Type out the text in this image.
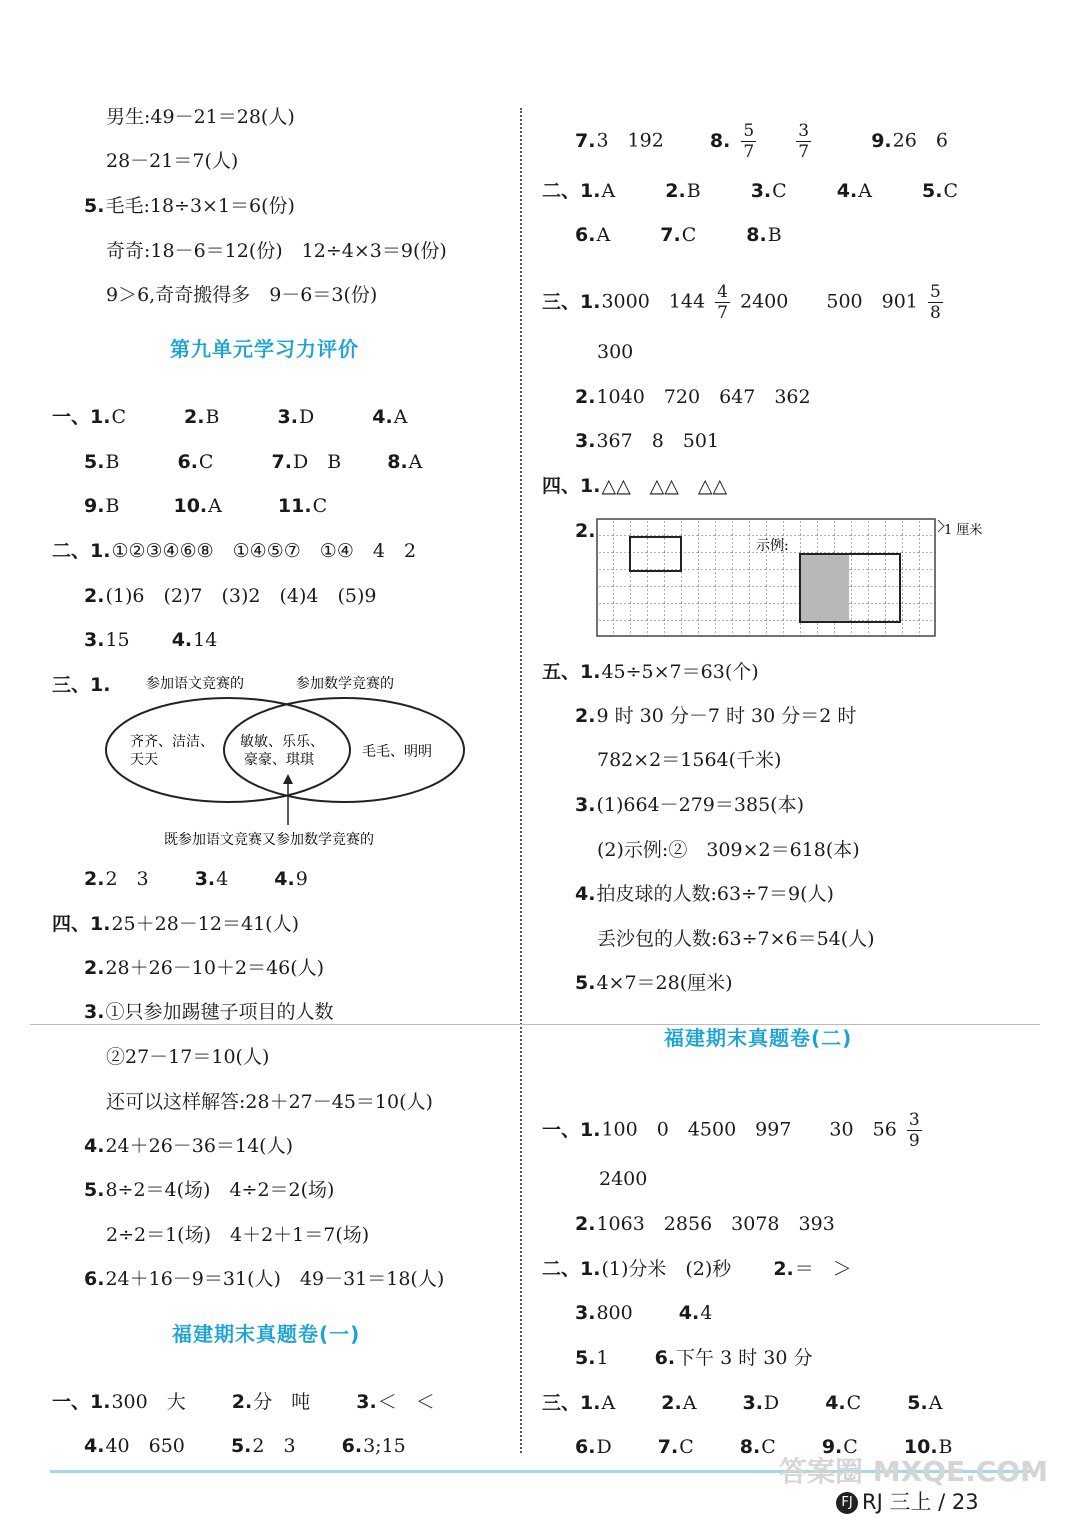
男生:49－21＝28(人)
28－21＝7(人)
5.毛毛:18÷3×1＝6(份)
奇奇:18－6＝12(份)　12÷4×3＝9(份)
9＞6,奇奇搬得多　9－6＝3(份)
第九单元学习力评价
一、1.C	2.B	3.D	4.A
5.B	6.C	7.D　B 8.A
9.B	10.A	11.C
二、1.①②③④⑥⑧　①④⑤⑦　①④　4　2
2.(1)6　(2)7　(3)2　(4)4　(5)9
3.15 4.14
三、1.	参加语文竞赛的	参加数学竞赛的
齐齐、洁洁、
天天
敏敏、乐乐、
豪豪、琪琪	毛毛、明明
既参加语文竞赛又参加数学竞赛的
2.2　3 3.4 4.9
四、1.25＋28－12＝41(人)
2.28＋26－10＋2＝46(人)
3.①只参加踢毽子项目的人数
②27－17＝10(人)
还可以这样解答:28＋27－45＝10(人)
4.24＋26－36＝14(人)
5.8÷2＝4(场)　4÷2＝2(场)
2÷2＝1(场)　4＋2＋1＝7(场)
6.24＋16－9＝31(人)　49－31＝18(人)
福建期末真题卷(一)
一、1.300　大 2.分　吨 3.＜　＜
4.40　650 5.2　3 6.3;15
7.3　192 8. $\frac{5}{7}$
$\frac{3}{7}$	9.26　6
二、1.A	2.B	3.C	4.A	5.C
6.A	7.C	8.B
三、1.3000　$144 \frac{4}{7} 2400$　　500　$901 \frac{5}{8}$
300
2.1040　720　647　362
3.367　8　501
四、1.△△　△△　△△
2.
示例:
1 厘米
五、1.45÷5×7＝63(个)
2.9 时 30 分－7 时 30 分＝2 时
782×2＝1564(千米)
3.(1)664－279＝385(本)
(2)示例:②　309×2＝618(本)
4.拍皮球的人数:63÷7＝9(人)
丢沙包的人数:63÷7×6＝54(人)
5.4×7＝28(厘米)
福建期末真题卷(二)
一、1.100　0　4500　997　　30　$56 \frac{3}{9}$
2400
2.1063　2856　3078　393
二、1.(1)分米　(2)秒 2.＝　＞
3.800 4.4
5.1 6.下午 3 时 30 分
三、1.A 2.A 3.D 4.C 5.A
6.D 7.C 8.C 9.C 10.B
答案圈 MXQE.COM
FJ RJ 三上 / 23
